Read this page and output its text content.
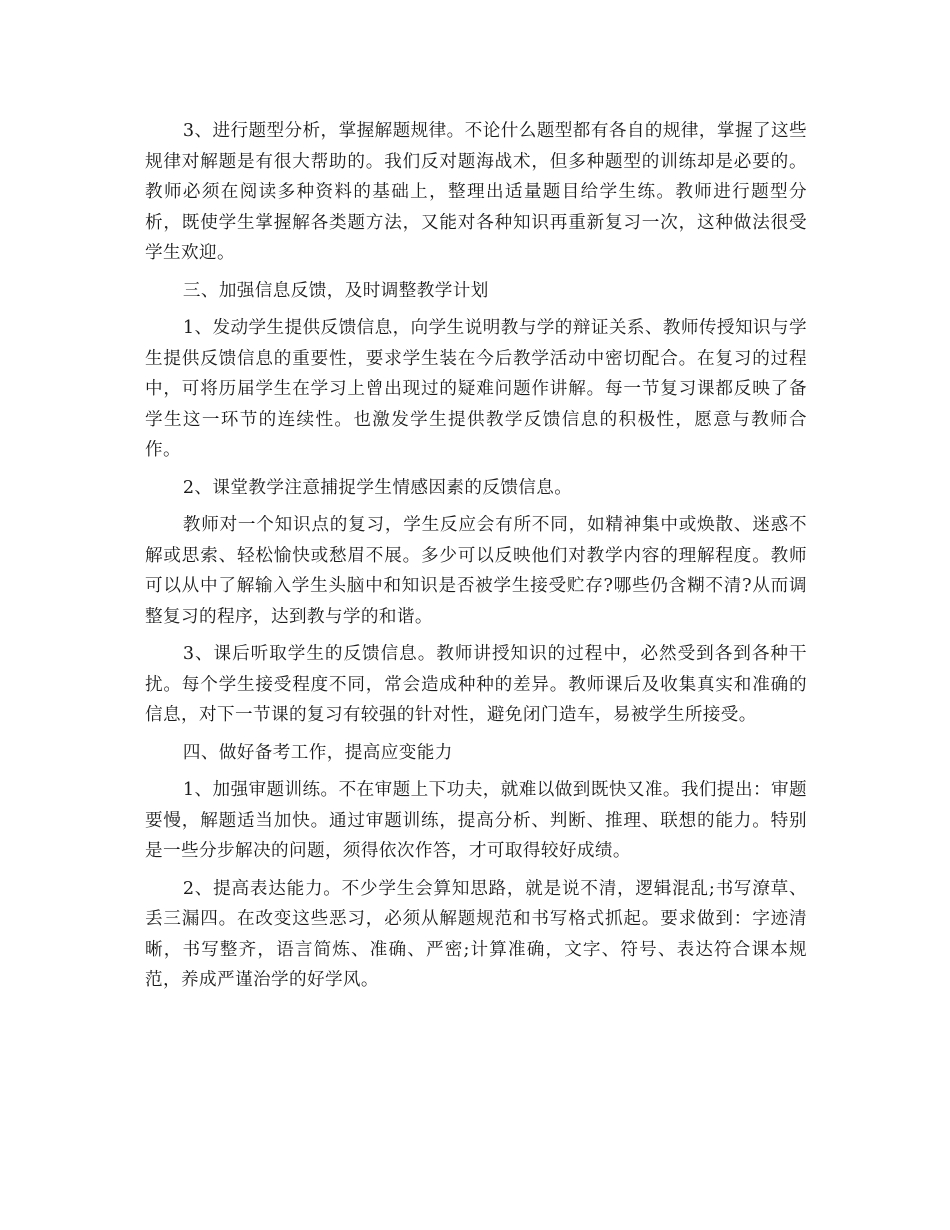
3、进行题型分析，掌握解题规律。不论什么题型都有各自的规律，掌握了这些规律对解题是有很大帮助的。我们反对题海战术，但多种题型的训练却是必要的。教师必须在阅读多种资料的基础上，整理出适量题目给学生练。教师进行题型分析，既使学生掌握解各类题方法，又能对各种知识再重新复习一次，这种做法很受学生欢迎。

三、加强信息反馈，及时调整教学计划

1、发动学生提供反馈信息，向学生说明教与学的辩证关系、教师传授知识与学生提供反馈信息的重要性，要求学生装在今后教学活动中密切配合。在复习的过程中，可将历届学生在学习上曾出现过的疑难问题作讲解。每一节复习课都反映了备学生这一环节的连续性。也激发学生提供教学反馈信息的积极性，愿意与教师合作。

2、课堂教学注意捕捉学生情感因素的反馈信息。

教师对一个知识点的复习，学生反应会有所不同，如精神集中或焕散、迷惑不解或思索、轻松愉快或愁眉不展。多少可以反映他们对教学内容的理解程度。教师可以从中了解输入学生头脑中和知识是否被学生接受贮存?哪些仍含糊不清?从而调整复习的程序，达到教与学的和谐。

3、课后听取学生的反馈信息。教师讲授知识的过程中，必然受到各到各种干扰。每个学生接受程度不同，常会造成种种的差异。教师课后及收集真实和准确的信息，对下一节课的复习有较强的针对性，避免闭门造车，易被学生所接受。

四、做好备考工作，提高应变能力

1、加强审题训练。不在审题上下功夫，就难以做到既快又准。我们提出：审题要慢，解题适当加快。通过审题训练，提高分析、判断、推理、联想的能力。特别是一些分步解决的问题，须得依次作答，才可取得较好成绩。

2、提高表达能力。不少学生会算知思路，就是说不清，逻辑混乱;书写潦草、丢三漏四。在改变这些恶习，必须从解题规范和书写格式抓起。要求做到：字迹清晰，书写整齐，语言简炼、准确、严密;计算准确，文字、符号、表达符合课本规范，养成严谨治学的好学风。
